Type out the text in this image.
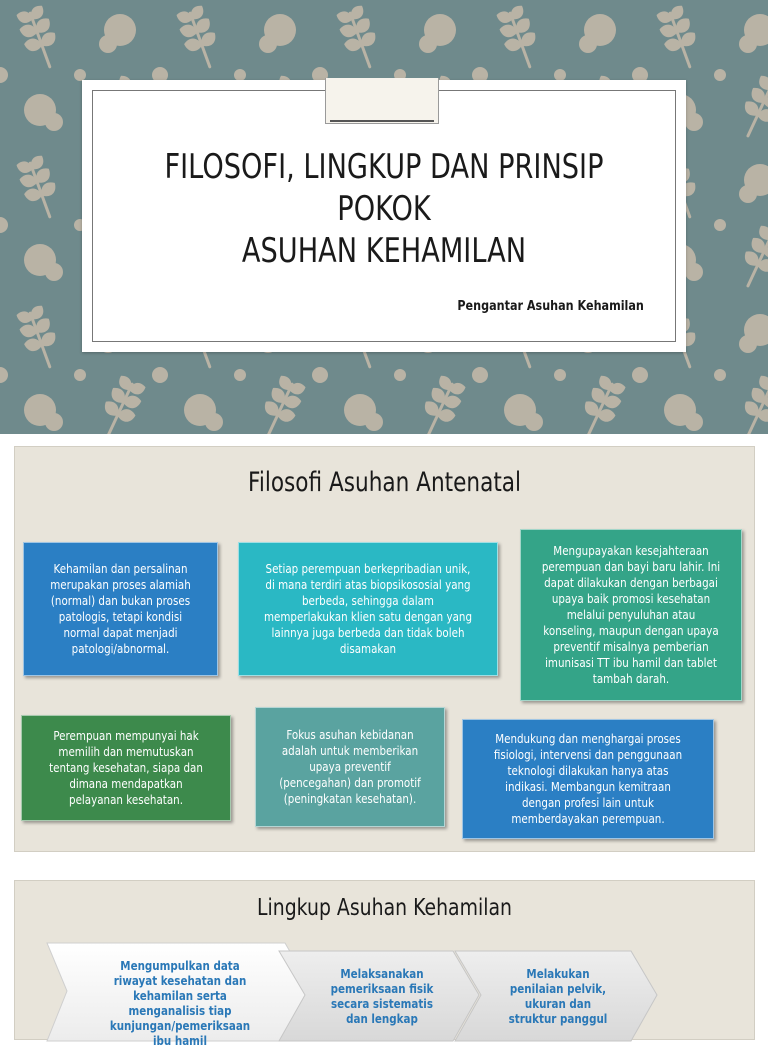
FILOSOFI, LINGKUP DAN PRINSIP POKOK
ASUHAN KEHAMILAN
Pengantar Asuhan Kehamilan
Filosofi Asuhan Antenatal
Kehamilan dan persalinan merupakan proses alamiah (normal) dan bukan proses patologis, tetapi kondisi normal dapat menjadi patologi/abnormal.
Setiap perempuan berkepribadian unik, di mana terdiri atas biopsikososial yang berbeda, sehingga dalam memperlakukan klien satu dengan yang lainnya juga berbeda dan tidak boleh disamakan
Mengupayakan kesejahteraan perempuan dan bayi baru lahir. Ini dapat dilakukan dengan berbagai upaya baik promosi kesehatan melalui penyuluhan atau konseling, maupun dengan upaya preventif misalnya pemberian imunisasi TT ibu hamil dan tablet tambah darah.
Perempuan mempunyai hak memilih dan memutuskan tentang kesehatan, siapa dan dimana mendapatkan pelayanan kesehatan.
Fokus asuhan kebidanan adalah untuk memberikan upaya preventif (pencegahan) dan promotif (peningkatan kesehatan).
Mendukung dan menghargai proses fisiologi, intervensi dan penggunaan teknologi dilakukan hanya atas indikasi. Membangun kemitraan dengan profesi lain untuk memberdayakan perempuan.
Lingkup Asuhan Kehamilan
Mengumpulkan data riwayat kesehatan dan kehamilan serta menganalisis tiap kunjungan/pemeriksaan ibu hamil
Melaksanakan pemeriksaan fisik secara sistematis dan lengkap
Melakukan penilaian pelvik, ukuran dan struktur panggul
